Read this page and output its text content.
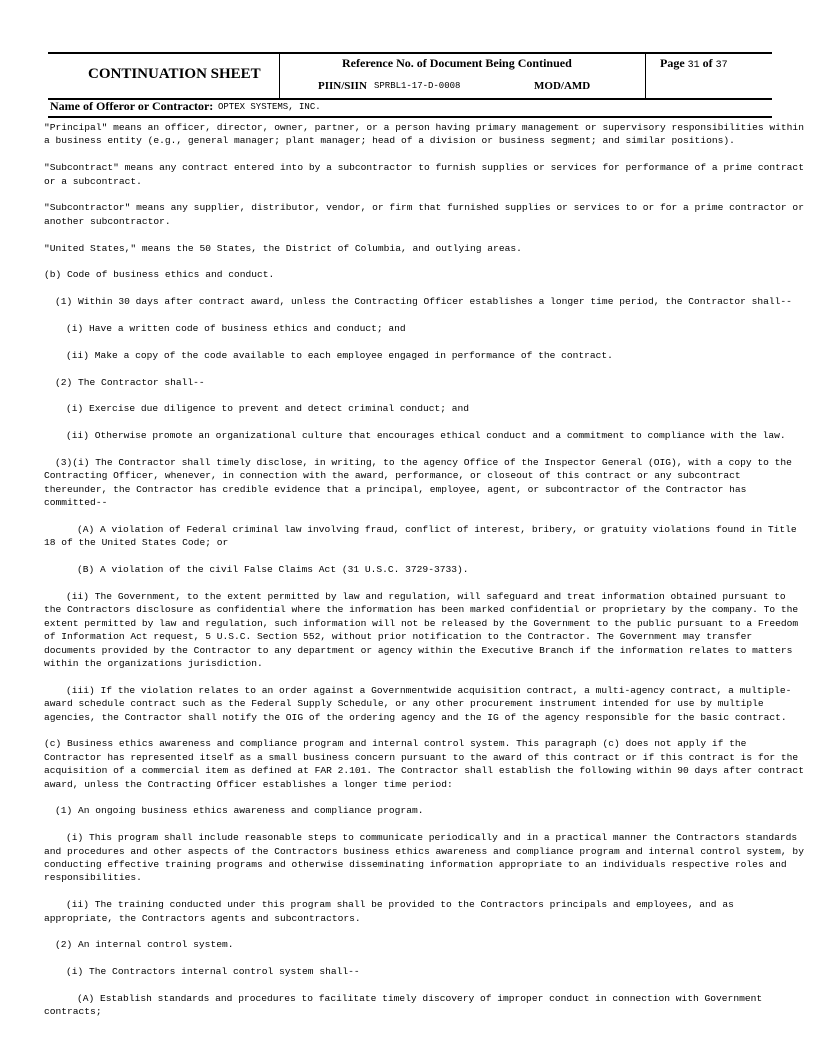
CONTINUATION SHEET
Reference No. of Document Being Continued
PIIN/SIIN SPRBL1-17-D-0008	MOD/AMD
Page 31 of 37
Name of Offeror or Contractor: OPTEX SYSTEMS, INC.

"Principal" means an officer, director, owner, partner, or a person having primary management or supervisory responsibilities within a business entity (e.g., general manager; plant manager; head of a division or business segment; and similar positions).

"Subcontract" means any contract entered into by a subcontractor to furnish supplies or services for performance of a prime contract or a subcontract.

"Subcontractor" means any supplier, distributor, vendor, or firm that furnished supplies or services to or for a prime contractor or another subcontractor.

"United States," means the 50 States, the District of Columbia, and outlying areas.

(b) Code of business ethics and conduct.

(1) Within 30 days after contract award, unless the Contracting Officer establishes a longer time period, the Contractor shall--

(i) Have a written code of business ethics and conduct; and

(ii) Make a copy of the code available to each employee engaged in performance of the contract.

(2) The Contractor shall--

(i) Exercise due diligence to prevent and detect criminal conduct; and

(ii) Otherwise promote an organizational culture that encourages ethical conduct and a commitment to compliance with the law.

(3)(i) The Contractor shall timely disclose, in writing, to the agency Office of the Inspector General (OIG), with a copy to the Contracting Officer, whenever, in connection with the award, performance, or closeout of this contract or any subcontract thereunder, the Contractor has credible evidence that a principal, employee, agent, or subcontractor of the Contractor has committed--

(A) A violation of Federal criminal law involving fraud, conflict of interest, bribery, or gratuity violations found in Title 18 of the United States Code; or

(B) A violation of the civil False Claims Act (31 U.S.C. 3729-3733).

(ii) The Government, to the extent permitted by law and regulation, will safeguard and treat information obtained pursuant to the Contractors disclosure as confidential where the information has been marked confidential or proprietary by the company. To the extent permitted by law and regulation, such information will not be released by the Government to the public pursuant to a Freedom of Information Act request, 5 U.S.C. Section 552, without prior notification to the Contractor. The Government may transfer documents provided by the Contractor to any department or agency within the Executive Branch if the information relates to matters within the organizations jurisdiction.

(iii) If the violation relates to an order against a Governmentwide acquisition contract, a multi-agency contract, a multiple-award schedule contract such as the Federal Supply Schedule, or any other procurement instrument intended for use by multiple agencies, the Contractor shall notify the OIG of the ordering agency and the IG of the agency responsible for the basic contract.

(c) Business ethics awareness and compliance program and internal control system. This paragraph (c) does not apply if the Contractor has represented itself as a small business concern pursuant to the award of this contract or if this contract is for the acquisition of a commercial item as defined at FAR 2.101. The Contractor shall establish the following within 90 days after contract award, unless the Contracting Officer establishes a longer time period:

(1) An ongoing business ethics awareness and compliance program.

(i) This program shall include reasonable steps to communicate periodically and in a practical manner the Contractors standards and procedures and other aspects of the Contractors business ethics awareness and compliance program and internal control system, by conducting effective training programs and otherwise disseminating information appropriate to an individuals respective roles and responsibilities.

(ii) The training conducted under this program shall be provided to the Contractors principals and employees, and as appropriate, the Contractors agents and subcontractors.

(2) An internal control system.

(i) The Contractors internal control system shall--

(A) Establish standards and procedures to facilitate timely discovery of improper conduct in connection with Government contracts;
